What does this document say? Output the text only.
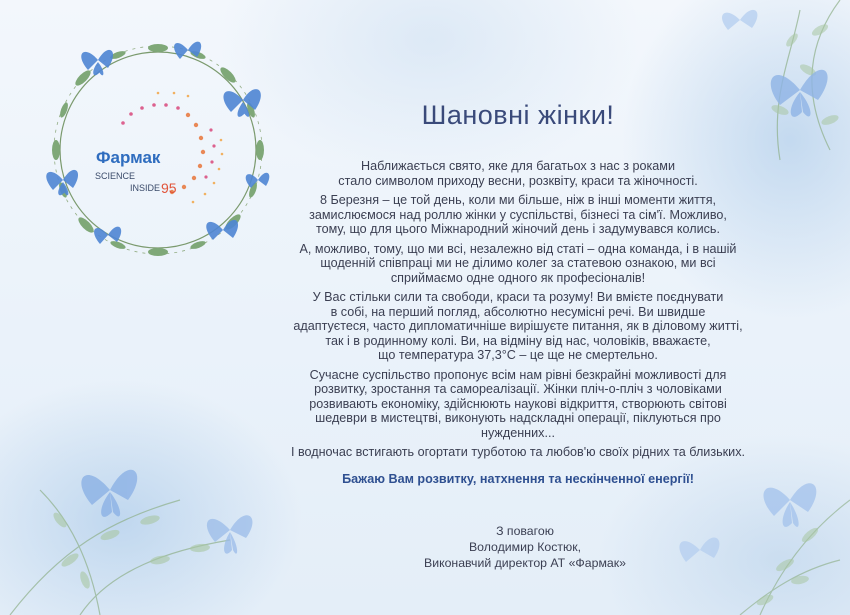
Фармак
SCIENCE
INSIDE 95
Шановні жінки!
Наближається свято, яке для багатьох з нас з роками
стало символом приходу весни, розквіту, краси та жіночності.
8 Березня – це той день, коли ми більше, ніж в інші моменти життя,
замислюємося над роллю жінки у суспільстві, бізнесі та сім'ї. Можливо,
тому, що для цього Міжнародний жіночий день і задумувався колись.
А, можливо, тому, що ми всі, незалежно від статі – одна команда, і в нашій
щоденній співпраці ми не ділимо колег за статевою ознакою, ми всі
сприймаємо одне одного як професіоналів!
У Вас стільки сили та свободи, краси та розуму! Ви вмієте поєднувати
в собі, на перший погляд, абсолютно несумісні речі. Ви швидше
адаптуєтеся, часто дипломатичніше вирішуєте питання, як в діловому житті,
так і в родинному колі. Ви, на відміну від нас, чоловіків, вважаєте,
що температура 37,3°С – це ще не смертельно.
Сучасне суспільство пропонує всім нам рівні безкрайні можливості для
розвитку, зростання та самореалізації. Жінки пліч-о-пліч з чоловіками
розвивають економіку, здійснюють наукові відкриття, створюють світові
шедеври в мистецтві, виконують надскладні операції, піклуються про
нужденних...
І водночас встигають огортати турботою та любов'ю своїх рідних та близьких.
Бажаю Вам розвитку, натхнення та нескінченної енергії!
З повагою
Володимир Костюк,
Виконавчий директор АТ «Фармак»
